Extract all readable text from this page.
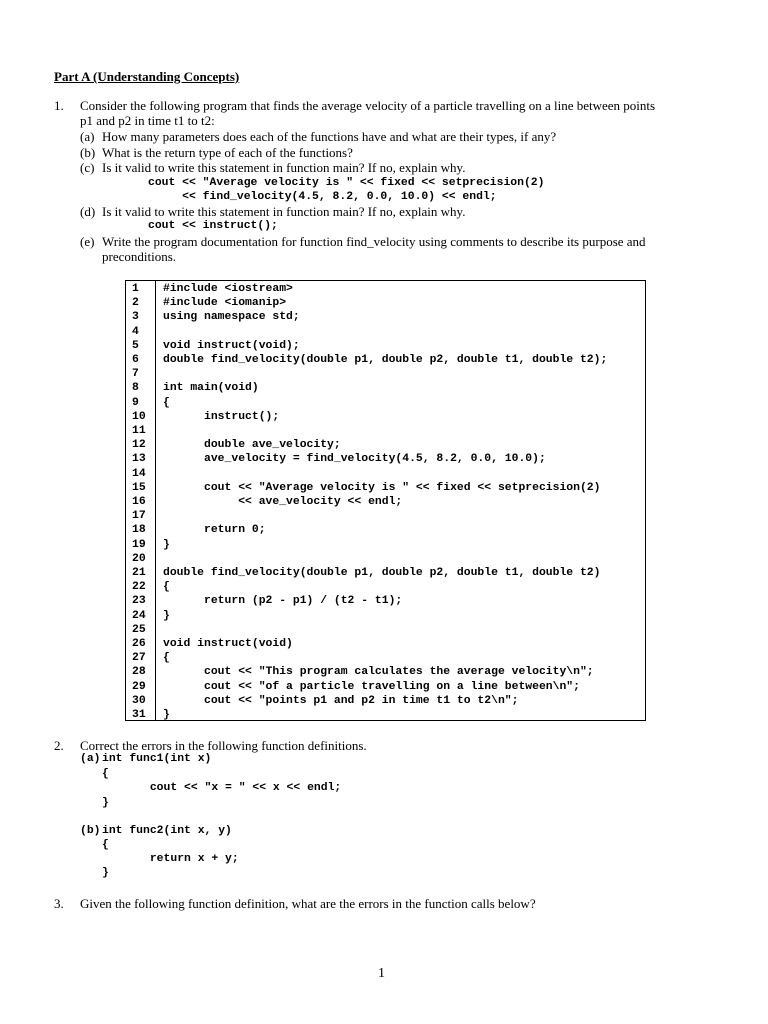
Part A (Understanding Concepts)
1. Consider the following program that finds the average velocity of a particle travelling on a line between points
p1 and p2 in time t1 to t2:
(a) How many parameters does each of the functions have and what are their types, if any?
(b) What is the return type of each of the functions?
(c) Is it valid to write this statement in function main? If no, explain why.
cout << "Average velocity is " << fixed << setprecision(2)
<< find_velocity(4.5, 8.2, 0.0, 10.0) << endl;
(d) Is it valid to write this statement in function main? If no, explain why.
cout << instruct();
(e) Write the program documentation for function find_velocity using comments to describe its purpose and
preconditions.
1	#include <iostream>
2	#include <iomanip>
3	using namespace std;
4
5	void instruct(void);
6	double find_velocity(double p1, double p2, double t1, double t2);
7
8	int main(void)
9	{
10	instruct();
11
12	double ave_velocity;
13	ave_velocity = find_velocity(4.5, 8.2, 0.0, 10.0);
14
15	cout << "Average velocity is " << fixed << setprecision(2)
16	<< ave_velocity << endl;
17
18	return 0;
19	}
20
21	double find_velocity(double p1, double p2, double t1, double t2)
22	{
23	return (p2 - p1) / (t2 - t1);
24	}
25
26	void instruct(void)
27	{
28	cout << "This program calculates the average velocity\n";
29	cout << "of a particle travelling on a line between\n";
30	cout << "points p1 and p2 in time t1 to t2\n";
31	}
2. Correct the errors in the following function definitions.
(a) int func1(int x)
{
cout << "x = " << x << endl;
}
(b) int func2(int x, y)
{
return x + y;
}
3. Given the following function definition, what are the errors in the function calls below?
1
